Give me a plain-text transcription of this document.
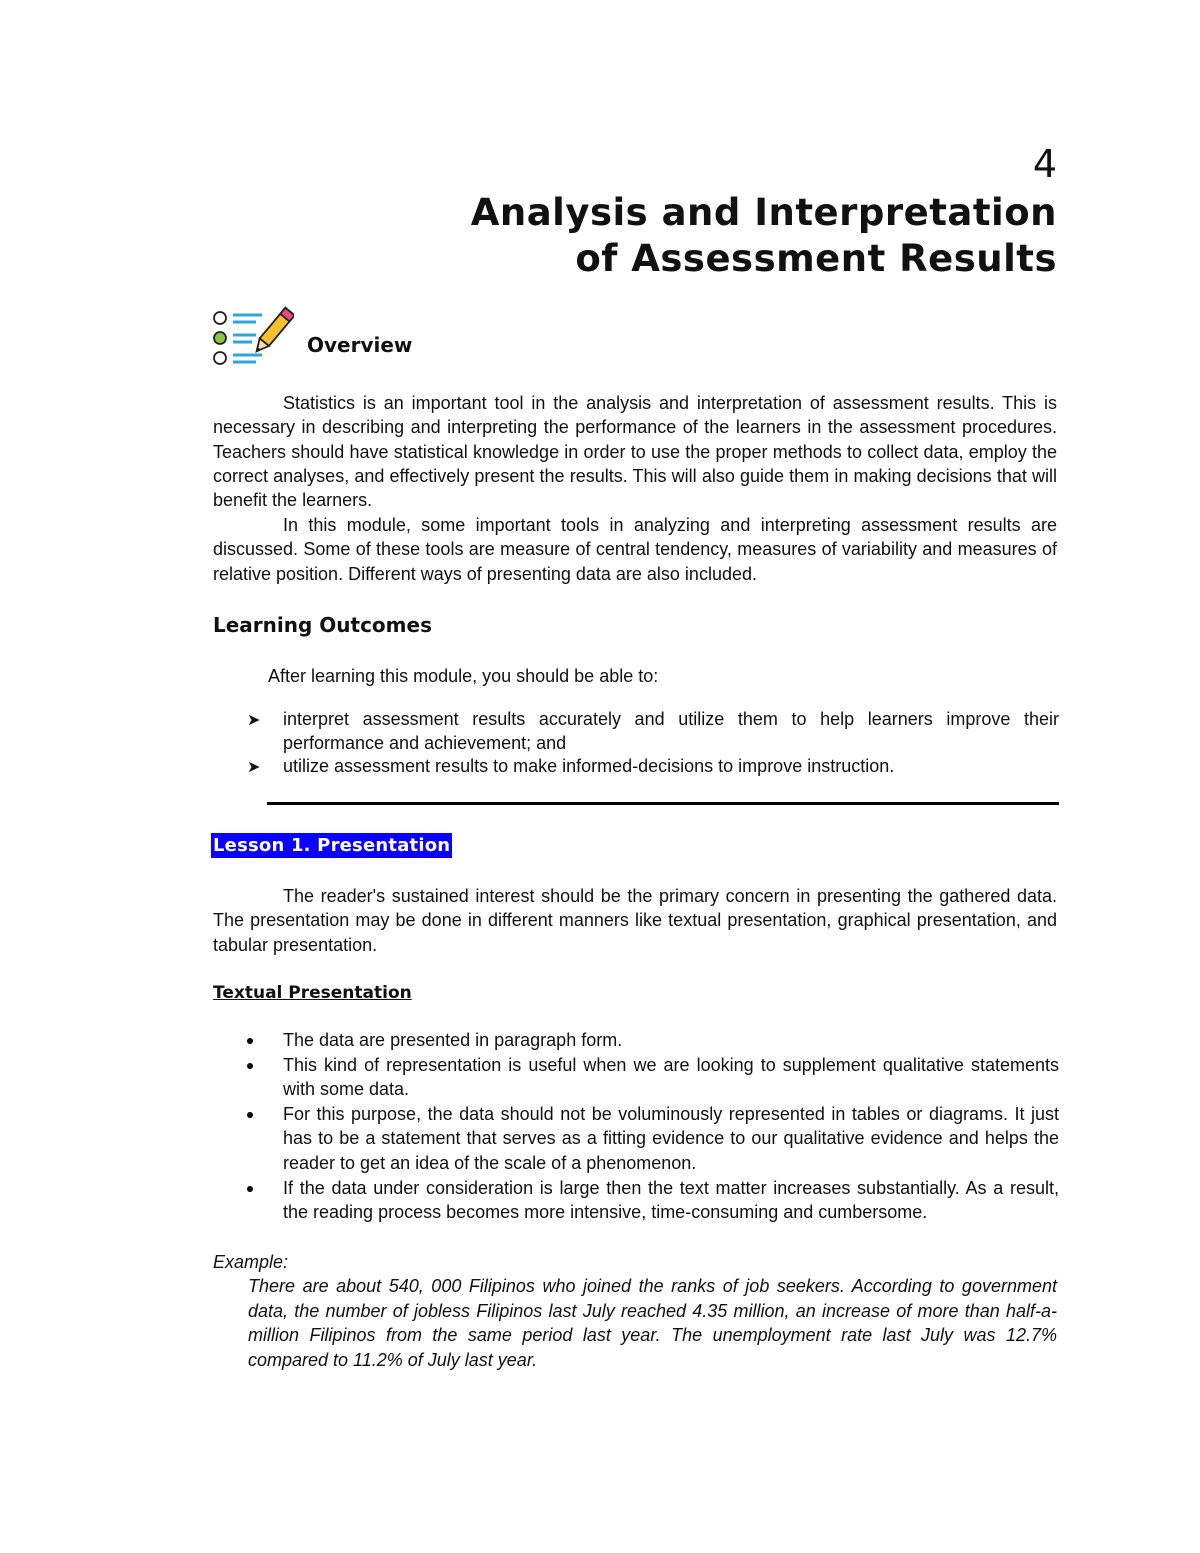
4
Analysis and Interpretation
of Assessment Results
Overview

Statistics is an important tool in the analysis and interpretation of assessment results. This is necessary in describing and interpreting the performance of the learners in the assessment procedures. Teachers should have statistical knowledge in order to use the proper methods to collect data, employ the correct analyses, and effectively present the results. This will also guide them in making decisions that will benefit the learners.

In this module, some important tools in analyzing and interpreting assessment results are discussed. Some of these tools are measure of central tendency, measures of variability and measures of relative position. Different ways of presenting data are also included.

Learning Outcomes

After learning this module, you should be able to:

➤ interpret assessment results accurately and utilize them to help learners improve their performance and achievement; and
➤ utilize assessment results to make informed-decisions to improve instruction.
Lesson 1. Presentation

The reader's sustained interest should be the primary concern in presenting the gathered data. The presentation may be done in different manners like textual presentation, graphical presentation, and tabular presentation.

Textual Presentation
The data are presented in paragraph form.
This kind of representation is useful when we are looking to supplement qualitative statements with some data.
For this purpose, the data should not be voluminously represented in tables or diagrams. It just has to be a statement that serves as a fitting evidence to our qualitative evidence and helps the reader to get an idea of the scale of a phenomenon.
If the data under consideration is large then the text matter increases substantially. As a result, the reading process becomes more intensive, time-consuming and cumbersome.

Example:

There are about 540, 000 Filipinos who joined the ranks of job seekers. According to government data, the number of jobless Filipinos last July reached 4.35 million, an increase of more than half-a-million Filipinos from the same period last year. The unemployment rate last July was 12.7% compared to 11.2% of July last year.
